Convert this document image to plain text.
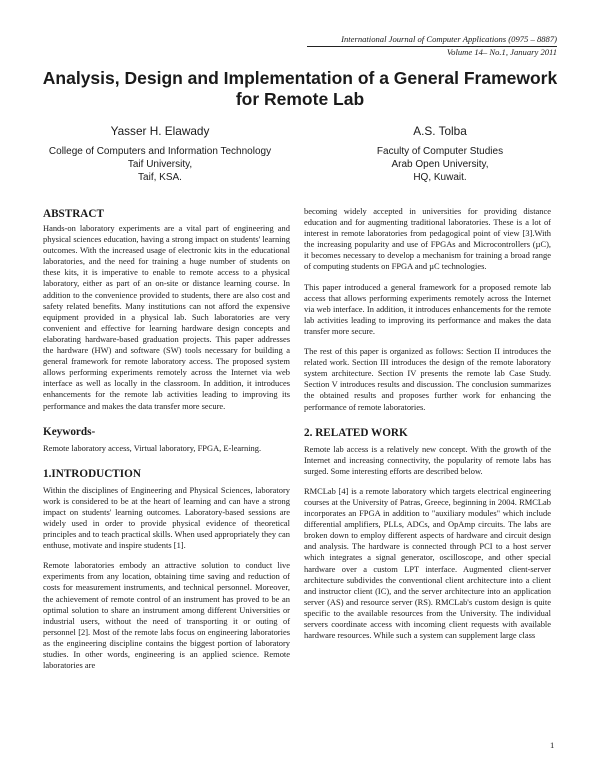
International Journal of Computer Applications (0975 – 8887)
Volume 14– No.1, January 2011
Analysis, Design and Implementation of a General Framework for Remote Lab
Yasser H. Elawady
College of Computers and Information Technology
Taif University,
Taif, KSA.
A.S. Tolba
Faculty of Computer Studies
Arab Open University,
HQ, Kuwait.
ABSTRACT

Hands-on laboratory experiments are a vital part of engineering and physical sciences education, having a strong impact on students' learning outcomes. With the increased usage of electronic kits in the educational laboratories, and the need for training a huge number of students on these kits, it is imperative to enable to remote access to a physical laboratory, either as part of an on-site or distance learning course. In addition to the convenience provided to students, there are also cost and safety related benefits. Many institutions can not afford the expensive equipment provided in a physical lab. Such laboratories are very convenient and effective for learning hardware design concepts and elaborating hardware-based graduation projects. This paper addresses the hardware (HW) and software (SW) tools necessary for building a general framework for remote laboratory access. The proposed system allows performing experiments remotely across the Internet via web interface as well as locally in the classroom. In addition, it introduces enhancements for the remote lab activities leading to improving its performance and makes the data transfer more secure.

Keywords-

Remote laboratory access, Virtual laboratory, FPGA, E-learning.

1.INTRODUCTION

Within the disciplines of Engineering and Physical Sciences, laboratory work is considered to be at the heart of learning and can have a strong impact on students' learning outcomes. Laboratory-based sessions are widely used in order to provide physical evidence of theoretical principles and to teach practical skills. When used appropriately they can enthuse, motivate and inspire students [1].

Remote laboratories embody an attractive solution to conduct live experiments from any location, obtaining time saving and reduction of costs for measurement instruments, and technical personnel. Moreover, the achievement of remote control of an instrument has proved to be an optimal solution to share an instrument among different Universities or industrial users, without the need of transporting it or outing of personnel [2]. Most of the remote labs focus on engineering laboratories as the engineering discipline contains the biggest portion of laboratory studies. In other words, engineering is an applied science. Remote laboratories are

becoming widely accepted in universities for providing distance education and for augmenting traditional laboratories. These is a lot of interest in remote laboratories from pedagogical point of view [3].With the increasing popularity and use of FPGAs and Microcontrollers (µC), it becomes necessary to develop a mechanism for training a broad range of computing students on FPGA and µC technologies.

This paper introduced a general framework for a proposed remote lab access that allows performing experiments remotely across the Internet via web interface. In addition, it introduces enhancements for the remote lab activities leading to improving its performance and makes the data transfer more secure.

The rest of this paper is organized as follows: Section II introduces the related work. Section III introduces the design of the remote laboratory system architecture. Section IV presents the remote lab Case Study. Section V introduces results and discussion. The conclusion summarizes the obtained results and proposes further work for enhancing the performance of remote laboratories.

2. RELATED WORK

Remote lab access is a relatively new concept. With the growth of the Internet and increasing connectivity, the popularity of remote labs has surged. Some interesting efforts are described below.

RMCLab [4] is a remote laboratory which targets electrical engineering courses at the University of Patras, Greece, beginning in 2004. RMCLab incorporates an FPGA in addition to "auxiliary modules" which include differential amplifiers, PLLs, ADCs, and OpAmp circuits. The labs are broken down to employ different aspects of hardware and circuit design and analysis. The hardware is connected through PCI to a host server which integrates a signal generator, oscilloscope, and other special hardware over a custom LPT interface. Augmented client-server architecture subdivides the conventional client architecture into a client and instructor client (IC), and the server architecture into an application server (AS) and resource server (RS). RMCLab's custom design is quite specific to the available resources from the University. The individual servers coordinate access with incoming client requests with available hardware resources. While such a system can supplement large class

1
